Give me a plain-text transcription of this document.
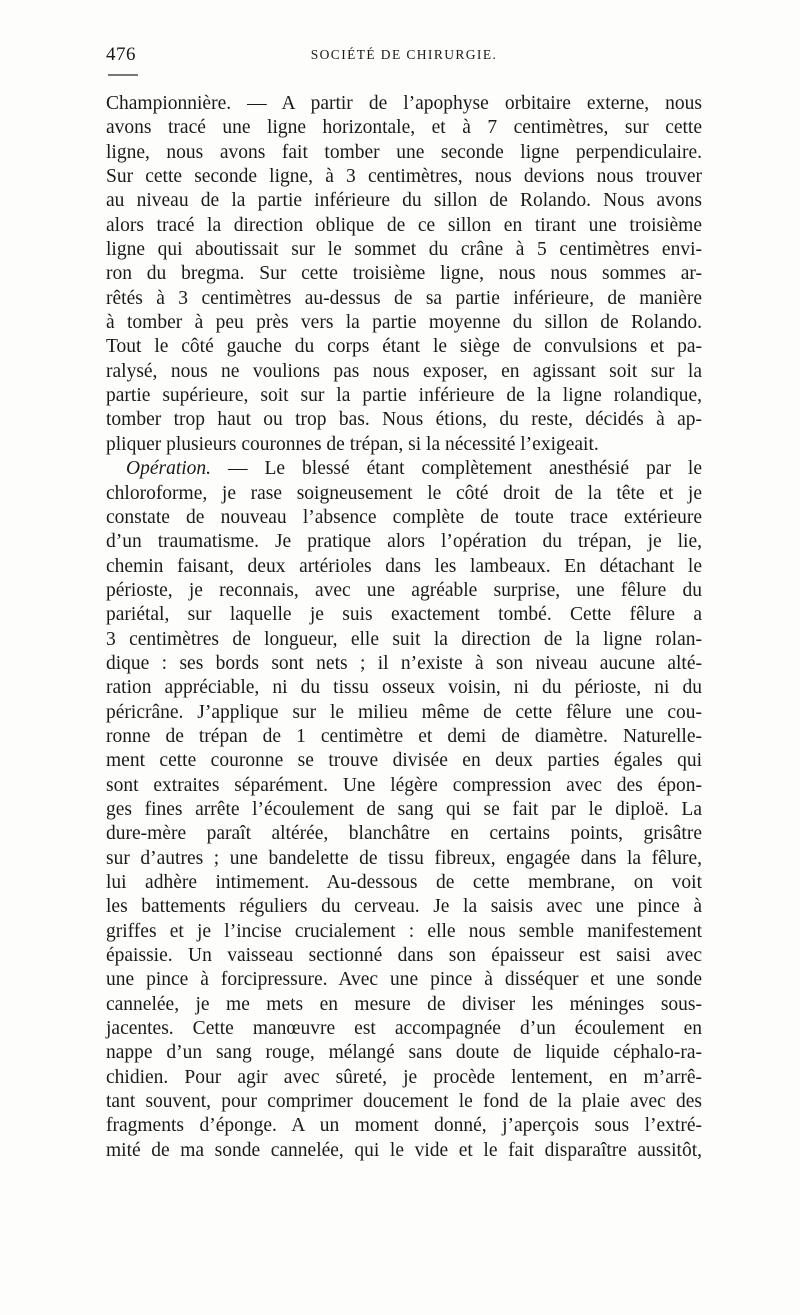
476	SOCIÉTÉ DE CHIRURGIE.
Championnière. — A partir de l’apophyse orbitaire externe, nous
avons tracé une ligne horizontale, et à 7 centimètres, sur cette
ligne, nous avons fait tomber une seconde ligne perpendiculaire.
Sur cette seconde ligne, à 3 centimètres, nous devions nous trouver
au niveau de la partie inférieure du sillon de Rolando. Nous avons
alors tracé la direction oblique de ce sillon en tirant une troisième
ligne qui aboutissait sur le sommet du crâne à 5 centimètres envi-
ron du bregma. Sur cette troisième ligne, nous nous sommes ar-
rêtés à 3 centimètres au-dessus de sa partie inférieure, de manière
à tomber à peu près vers la partie moyenne du sillon de Rolando.
Tout le côté gauche du corps étant le siège de convulsions et pa-
ralysé, nous ne voulions pas nous exposer, en agissant soit sur la
partie supérieure, soit sur la partie inférieure de la ligne rolandique,
tomber trop haut ou trop bas. Nous étions, du reste, décidés à ap-
pliquer plusieurs couronnes de trépan, si la nécessité l’exigeait.
Opération. — Le blessé étant complètement anesthésié par le
chloroforme, je rase soigneusement le côté droit de la tête et je
constate de nouveau l’absence complète de toute trace extérieure
d’un traumatisme. Je pratique alors l’opération du trépan, je lie,
chemin faisant, deux artérioles dans les lambeaux. En détachant le
périoste, je reconnais, avec une agréable surprise, une fêlure du
pariétal, sur laquelle je suis exactement tombé. Cette fêlure a
3 centimètres de longueur, elle suit la direction de la ligne rolan-
dique : ses bords sont nets ; il n’existe à son niveau aucune alté-
ration appréciable, ni du tissu osseux voisin, ni du périoste, ni du
péricrâne. J’applique sur le milieu même de cette fêlure une cou-
ronne de trépan de 1 centimètre et demi de diamètre. Naturelle-
ment cette couronne se trouve divisée en deux parties égales qui
sont extraites séparément. Une légère compression avec des épon-
ges fines arrête l’écoulement de sang qui se fait par le diploë. La
dure-mère paraît altérée, blanchâtre en certains points, grisâtre
sur d’autres ; une bandelette de tissu fibreux, engagée dans la fêlure,
lui adhère intimement. Au-dessous de cette membrane, on voit
les battements réguliers du cerveau. Je la saisis avec une pince à
griffes et je l’incise crucialement : elle nous semble manifestement
épaissie. Un vaisseau sectionné dans son épaisseur est saisi avec
une pince à forcipressure. Avec une pince à disséquer et une sonde
cannelée, je me mets en mesure de diviser les méninges sous-
jacentes. Cette manœuvre est accompagnée d’un écoulement en
nappe d’un sang rouge, mélangé sans doute de liquide céphalo-ra-
chidien. Pour agir avec sûreté, je procède lentement, en m’arrê-
tant souvent, pour comprimer doucement le fond de la plaie avec des
fragments d’éponge. A un moment donné, j’aperçois sous l’extré-
mité de ma sonde cannelée, qui le vide et le fait disparaître aussitôt,
